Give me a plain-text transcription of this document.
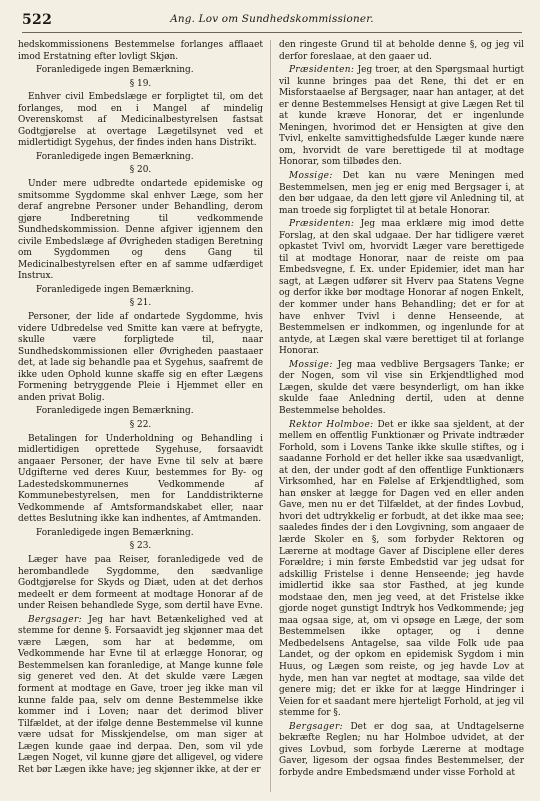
522	Ang. Lov om Sundhedskommissioner.

hedskommissionens Bestemmelse forlanges afflaaet imod Erstatning efter lovligt Skjøn.

Foranledigede ingen Bemærkning.

§ 19.

Enhver civil Embedslæge er forpligtet til, om det forlanges, mod en i Mangel af mindelig Overenskomst af Medicinalbestyrelsen fastsat Godtgjørelse at overtage Lægetilsynet ved et midlertidigt Sygehus, der findes inden hans Distrikt.

Foranledigede ingen Bemærkning.

§ 20.

Under mere udbredte ondartede epidemiske og smitsomme Sygdomme skal enhver Læge, som her deraf angrebne Personer under Behandling, derom gjøre Indberetning til vedkommende Sundhedskommission. Denne afgiver igjennem den civile Embedslæge af Øvrigheden stadigen Beretning om Sygdommen og dens Gang til Medicinalbestyrelsen efter en af samme udfærdiget Instrux.

Foranledigede ingen Bemærkning.

§ 21.

Personer, der lide af ondartede Sygdomme, hvis videre Udbredelse ved Smitte kan være at befrygte, skulle være forpligtede til, naar Sundhedskommissionen eller Øvrigheden paastaaer det, at lade sig behandle paa et Sygehus, saafremt de ikke uden Ophold kunne skaffe sig en efter Lægens Formening betryggende Pleie i Hjemmet eller en anden privat Bolig.

Foranledigede ingen Bemærkning.

§ 22.

Betalingen for Underholdning og Behandling i midlertidigen oprettede Sygehuse, forsaavidt angaaer Personer, der have Evne til selv at bære Udgifterne ved deres Kuur, bestemmes for By- og Ladestedskommunernes Vedkommende af Kommunebestyrelsen, men for Landdistrikterne Vedkommende af Amtsformandskabet eller, naar dettes Beslutning ikke kan indhentes, af Amtmanden.

Foranledigede ingen Bemærkning.

§ 23.

Læger have paa Reiser, foranledigede ved de herombandlede Sygdomme, den sædvanlige Godtgjørelse for Skyds og Diæt, uden at det derhos medeelt er dem formeent at modtage Honorar af de under Reisen behandlede Syge, som dertil have Evne.

Bergsager: Jeg har havt Betænkelighed ved at stemme for denne §. Forsaavidt jeg skjønner maa det være Lægen, som har at bedømme, om Vedkommende har Evne til at erlægge Honorar, og Bestemmelsen kan foranledige, at Mange kunne føle sig generet ved den. At det skulde være Lægen forment at modtage en Gave, troer jeg ikke man vil kunne falde paa, selv om denne Bestemmelse ikke kommer ind i Loven; naar det derimod bliver Tilfældet, at der ifølge denne Bestemmelse vil kunne være udsat for Misskjendelse, om man siger at Lægen kunde gaae ind derpaa. Den, som vil yde Lægen Noget, vil kunne gjøre det alligevel, og videre Ret bør Lægen ikke have; jeg skjønner ikke, at der er

den ringeste Grund til at beholde denne §, og jeg vil derfor foreslaae, at den gaaer ud.

Præsidenten: Jeg troer, at den Spørgsmaal hurtigt vil kunne bringes paa det Rene, thi det er en Misforstaaelse af Bergsager, naar han antager, at det er denne Bestemmelses Hensigt at give Lægen Ret til at kunde kræve Honorar, det er ingenlunde Meningen, hvorimod det er Hensigten at give den Tvivl, enkelte samvittighedsfulde Læger kunde nære om, hvorvidt de vare berettigede til at modtage Honorar, som tilbødes den.

Mossige: Det kan nu være Meningen med Bestemmelsen, men jeg er enig med Bergsager i, at den bør udgaae, da den lett gjøre vil Anledning til, at man troede sig forpligtet til at betale Honorar.

Præsidenten: Jeg maa erklære mig imod dette Forslag, at den skal udgaae. Der har tidligere været opkastet Tvivl om, hvorvidt Læger vare berettigede til at modtage Honorar, naar de reiste om paa Embedsvegne, f. Ex. under Epidemier, idet man har sagt, at Lægen udfører sit Hverv paa Statens Vegne og derfor ikke bør modtage Honorar af nogen Enkelt, der kommer under hans Behandling; det er for at have enhver Tvivl i denne Henseende, at Bestemmelsen er indkommen, og ingenlunde for at antyde, at Lægen skal være berettiget til at forlange Honorar.

Mossige: Jeg maa vedblive Bergsagers Tanke; er der Nogen, som vil vise sin Erkjendtlighed mod Lægen, skulde det være besynderligt, om han ikke skulde faae Anledning dertil, uden at denne Bestemmelse beholdes.

Rektor Holmboe: Det er ikke saa sjeldent, at der mellem en offentlig Funktionær og Private indtræder Forhold, som i Lovens Tanke ikke skulle stiftes, og i saadanne Forhold er det heller ikke saa usædvanligt, at den, der under godt af den offentlige Funktionærs Virksomhed, har en Følelse af Erkjendtlighed, som han ønsker at lægge for Dagen ved en eller anden Gave, men nu er det Tilfældet, at der findes Lovbud, hvori det udtrykkelig er forbudt, at det ikke maa see; saaledes findes der i den Lovgivning, som angaaer de lærde Skoler en §, som forbyder Rektoren og Lærerne at modtage Gaver af Disciplene eller deres Forældre; i min første Embedstid var jeg udsat for adskillig Fristelse i denne Henseende; jeg havde imidlertid ikke saa stor Fasthed, at jeg kunde modstaae den, men jeg veed, at det Fristelse ikke gjorde noget gunstigt Indtryk hos Vedkommende; jeg maa ogsaa sige, at, om vi opsøge en Læge, der som Bestemmelsen ikke optager, og i denne Medbedelsens Antagelse, saa vilde Folk ude paa Landet, og der opkom en epidemisk Sygdom i min Huus, og Lægen som reiste, og jeg havde Lov at hyde, men han var negtet at modtage, saa vilde det genere mig; det er ikke for at lægge Hindringer i Veien for et saadant mere hjerteligt Forhold, at jeg vil stemme for §.

Bergsager: Det er dog saa, at Undtagelserne bekræfte Reglen; nu har Holmboe udvidet, at der gives Lovbud, som forbyde Lærerne at modtage Gaver, ligesom der ogsaa findes Bestemmelser, der forbyde andre Embedsmænd under visse Forhold at
